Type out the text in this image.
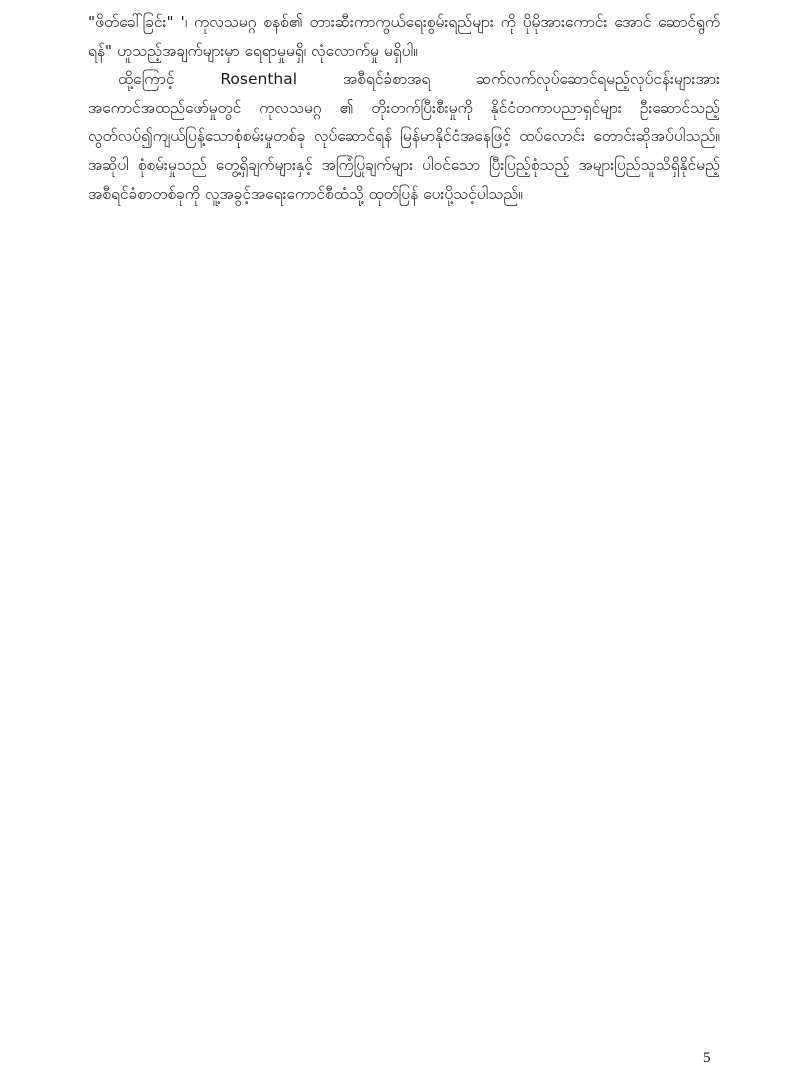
"ဖိတ်ခေါ်ခြင်း" '၊ ကုလသမဂ္ဂ စနစ်၏ တားဆီးကာကွယ်ရေးစွမ်းရည်များ ကို ပိုမိုအားကောင်း အောင် ဆောင်ရွက်ရန်" ဟူသည့်အချက်များမှာ ရေရာမှုမရှိ၊ လုံလောက်မှု မရှိပါ။

ထို့ကြောင့် Rosenthal အစီရင်ခံစာအရ ဆက်လက်လုပ်ဆောင်ရမည့်လုပ်ငန်းများအား အကောင်အထည်ဖော်မှုတွင် ကုလသမဂ္ဂ ၏ တိုးတက်ပြီးစီးမှုကို နိုင်ငံတကာပညာရှင်များ ဦးဆောင်သည့် လွတ်လပ်၍ကျယ်ပြန့်သောစုံစမ်းမှုတစ်ခု လုပ်ဆောင်ရန် မြန်မာနိုင်ငံအနေဖြင့် ထပ်လောင်း တောင်းဆိုအပ်ပါသည်။ အဆိုပါ စုံစမ်းမှုသည် တွေ့ရှိချက်များနှင့် အကြံပြုချက်များ ပါဝင်သော ပြီးပြည့်စုံသည့် အများပြည်သူသိရှိနိုင်မည့် အစီရင်ခံစာတစ်ခုကို လူ့အခွင့်အရေးကောင်စီထံသို့ ထုတ်ပြန် ပေးပို့သင့်ပါသည်။

5
